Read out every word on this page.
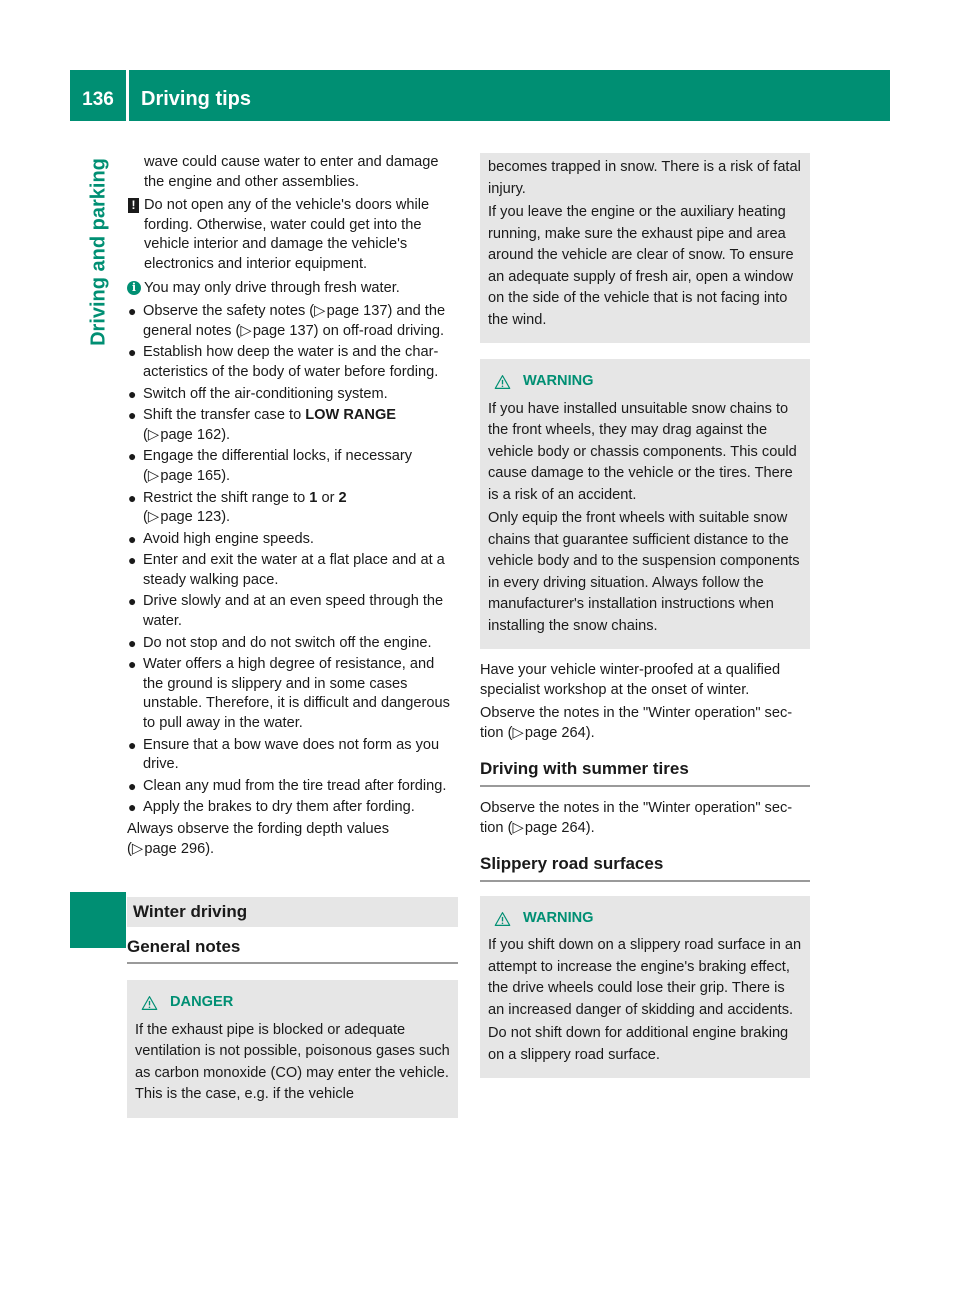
136	Driving tips
Driving and parking	wave could cause water to enter and damage the engine and other assemblies.

! Do not open any of the vehicle's doors while fording. Otherwise, water could get into the vehicle interior and damage the vehicle's electronics and interior equipment.

i You may only drive through fresh water.

● Observe the safety notes (▷ page 137) and the general notes (▷ page 137) on off-road driving.
● Establish how deep the water is and the characteristics of the body of water before fording.
● Switch off the air-conditioning system.
● Shift the transfer case to LOW RANGE
(▷ page 162).
● Engage the differential locks, if necessary
(▷ page 165).
● Restrict the shift range to 1 or 2
(▷ page 123).
● Avoid high engine speeds.
● Enter and exit the water at a flat place and at a steady walking pace.
● Drive slowly and at an even speed through the water.
● Do not stop and do not switch off the engine.
● Water offers a high degree of resistance, and the ground is slippery and in some cases unstable. Therefore, it is difficult and dangerous to pull away in the water.
● Ensure that a bow wave does not form as you drive.
● Clean any mud from the tire tread after fording.
● Apply the brakes to dry them after fording.

Always observe the fording depth values
(▷ page 296).

Winter driving
General notes
DANGER

If the exhaust pipe is blocked or adequate ventilation is not possible, poisonous gases such as carbon monoxide (CO) may enter the vehicle. This is the case, e.g. if the vehicle

becomes trapped in snow. There is a risk of fatal injury.

If you leave the engine or the auxiliary heating running, make sure the exhaust pipe and area around the vehicle are clear of snow. To ensure an adequate supply of fresh air, open a window on the side of the vehicle that is not facing into the wind.

WARNING

If you have installed unsuitable snow chains to the front wheels, they may drag against the vehicle body or chassis components. This could cause damage to the vehicle or the tires. There is a risk of an accident.

Only equip the front wheels with suitable snow chains that guarantee sufficient distance to the vehicle body and to the suspension components in every driving situation. Always follow the manufacturer's installation instructions when installing the snow chains.

Have your vehicle winter-proofed at a qualified specialist workshop at the onset of winter.

Observe the notes in the "Winter operation" section (▷ page 264).

Driving with summer tires

Observe the notes in the "Winter operation" section (▷ page 264).

Slippery road surfaces
WARNING

If you shift down on a slippery road surface in an attempt to increase the engine's braking effect, the drive wheels could lose their grip. There is an increased danger of skidding and accidents.

Do not shift down for additional engine braking on a slippery road surface.
